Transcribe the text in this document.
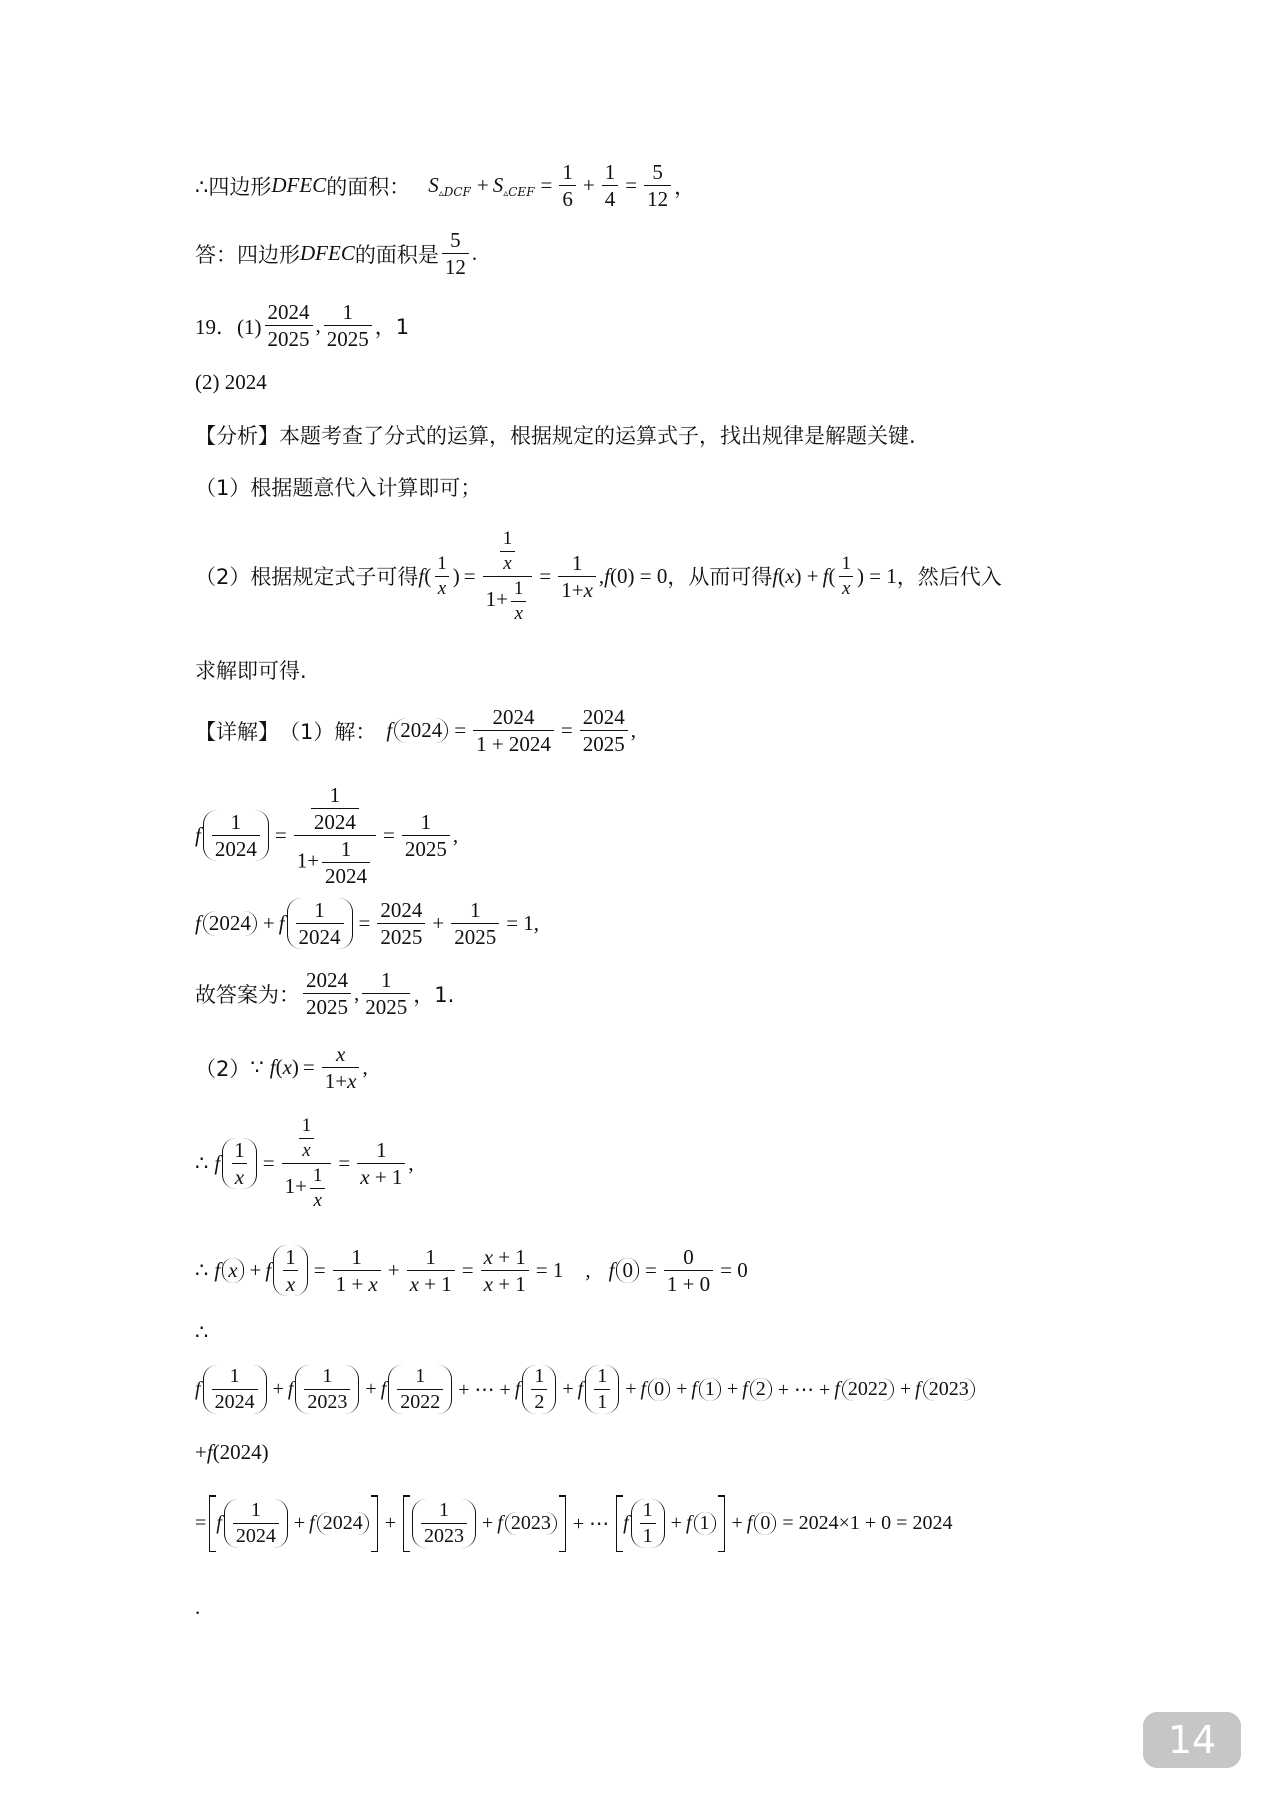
∴四边形 DFEC 的面积： S ▵DCF + S ▵CEF = $\frac{1}{6} + \frac{1}{4} = \frac{5}{12}$ ，
答：四边形 DFEC 的面积是 $\frac{5}{12}$ .
19．$(1) \frac{2024}{2025}$ , $\frac{1}{2025}$ ，1
(2) 2024
【分析】 本题考查了分式的运算，根据规定的运算式子，找出规律是解题关键.
（1）根据题意代入计算即可；
（2）根据规定式子可得 f ( $\frac{1}{x}$ ) = $\frac{\frac{1}{x}}{1+ \frac{1}{x}} = \frac{1}{1+x}$ , f (0) = 0 ，从而可得 f ( x ) + f ( $\frac{1}{x}$ ) = 1 ，然后代入
求解即可得.
【详解】 （1）解： f $2024 = \frac{2024}{1 + 2024} = \frac{2024}{2025}$ ,
f $\frac{1}{2024} = \frac{\frac{1}{2024}}{1+ \frac{1}{2024}} = \frac{1}{2025}$ ,
f 2024 + f $\frac{1}{2024} = \frac{2024}{2025} + \frac{1}{2025} = 1$,
故答案为： $\frac{2024}{2025}$ , $\frac{1}{2025}$ ，1.
（2） ∵ f ( x ) = $\frac{x}{1+x}$ ,
∴ f $\frac{1}{x} = \frac{\frac{1}{x}}{1+ \frac{1}{x}} = \frac{1}{x + 1}$ ,
∴ f x + f $\frac{1}{x} = \frac{1}{1 + x} + \frac{1}{x + 1} = \frac{x + 1}{x + 1} = 1$ , f $0 = \frac{0}{1 + 0} = 0$
∴
f $\frac{1}{2024} + f \frac{1}{2023} + f \frac{1}{2022}$ + ⋯ + f $\frac{1}{2} + f \frac{1}{1} + f$ 0 + f 1 + f 2 + ⋯ + f 2022 + f 2023
+ f (2024)
= f $\frac{1}{2024} + f$ $2024 + \frac{1}{2023} + f$ 2023 + ⋯ f $\frac{1}{1} + f$ 1 + f 0 = 2024×1 + 0 = 2024
.
14
